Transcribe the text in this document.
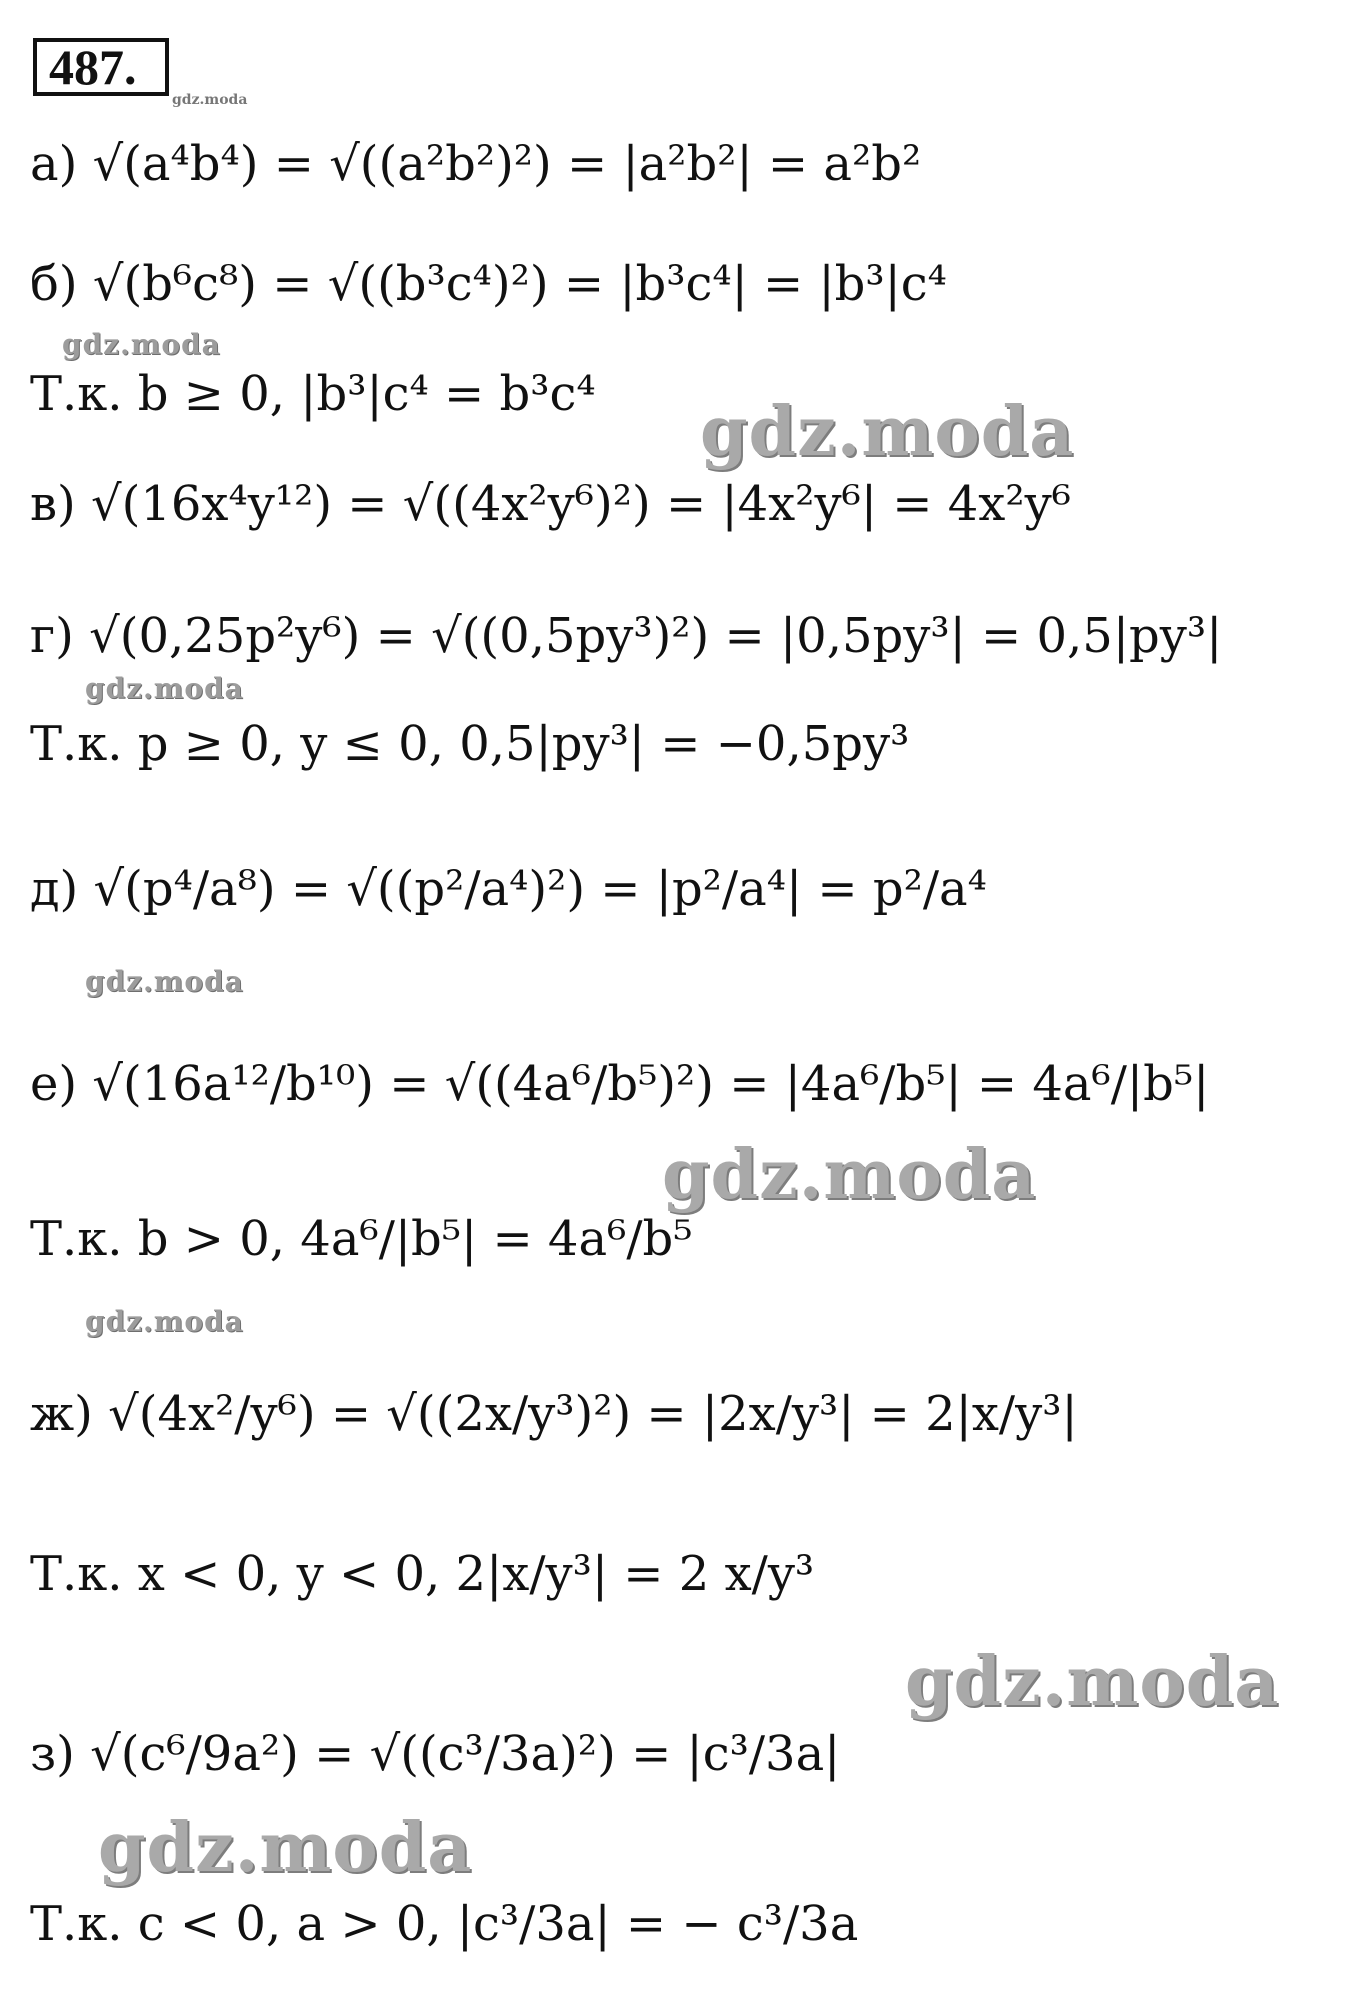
487.
gdz.moda
а) √(a⁴b⁴) = √((a²b²)²) = |a²b²| = a²b²
б) √(b⁶c⁸) = √((b³c⁴)²) = |b³c⁴| = |b³|c⁴
Т.к. b ≥ 0, |b³|c⁴ = b³c⁴
в) √(16x⁴y¹²) = √((4x²y⁶)²) = |4x²y⁶| = 4x²y⁶
г) √(0,25p²y⁶) = √((0,5py³)²) = |0,5py³| = 0,5|py³|
Т.к. p ≥ 0, y ≤ 0, 0,5|py³| = −0,5py³
д) √(p⁴/a⁸) = √((p²/a⁴)²) = |p²/a⁴| = p²/a⁴
е) √(16a¹²/b¹⁰) = √((4a⁶/b⁵)²) = |4a⁶/b⁵| = 4a⁶/|b⁵|
Т.к. b > 0, 4a⁶/|b⁵| = 4a⁶/b⁵
ж) √(4x²/y⁶) = √((2x/y³)²) = |2x/y³| = 2|x/y³|
Т.к. x < 0, y < 0, 2|x/y³| = 2 x/y³
з) √(c⁶/9a²) = √((c³/3a)²) = |c³/3a|
Т.к. c < 0, a > 0, |c³/3a| = − c³/3a
gdz.moda
gdz.moda
gdz.moda
gdz.moda
gdz.moda
gdz.moda
gdz.moda
gdz.moda
